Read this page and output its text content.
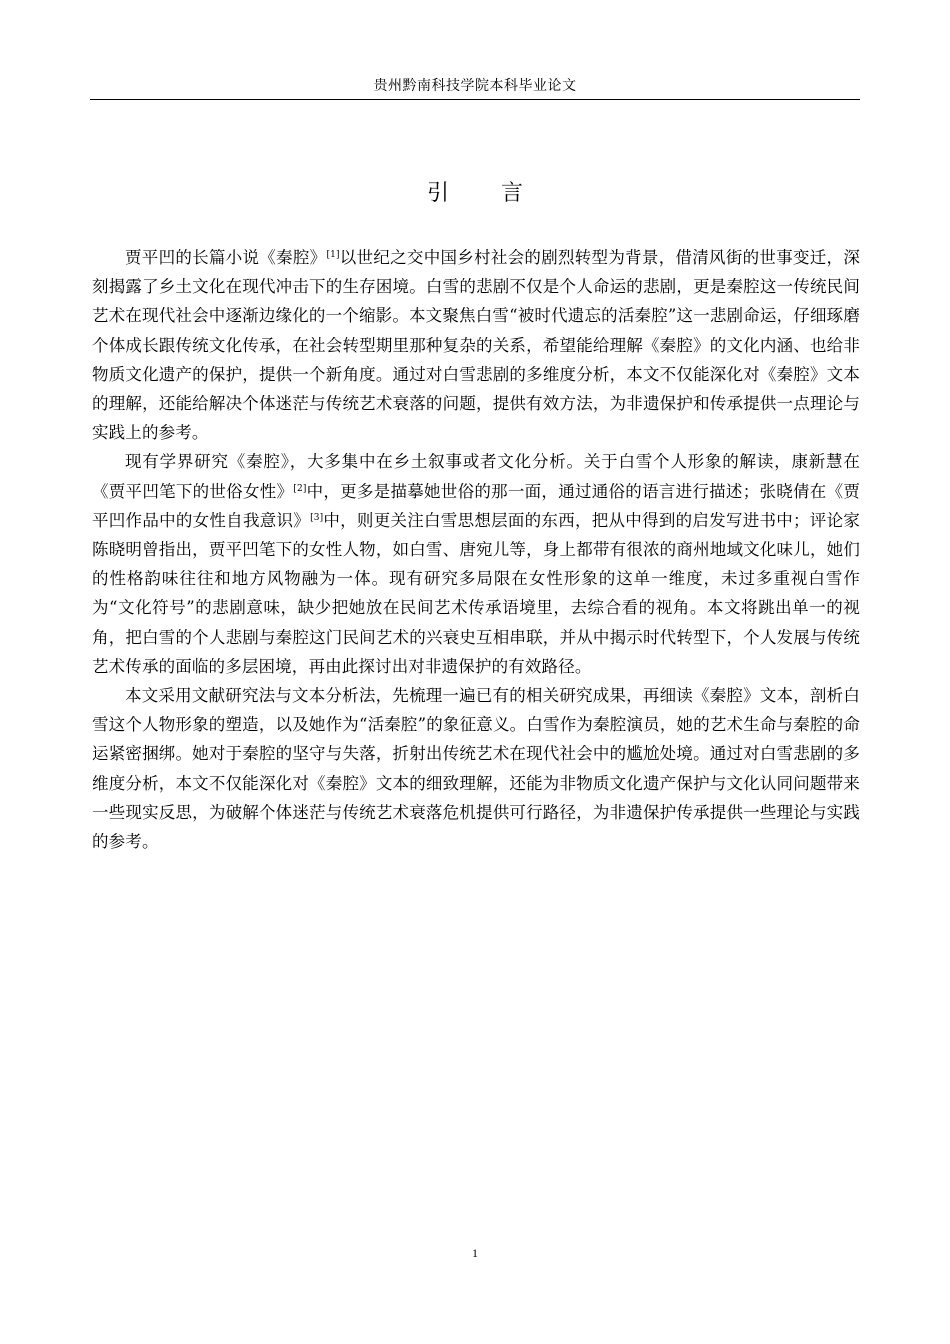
贵州黔南科技学院本科毕业论文
引 言

贾平凹的长篇小说《秦腔》[1]以世纪之交中国乡村社会的剧烈转型为背景，借清风街的世事变迁，深刻揭露了乡土文化在现代冲击下的生存困境。白雪的悲剧不仅是个人命运的悲剧，更是秦腔这一传统民间艺术在现代社会中逐渐边缘化的一个缩影。本文聚焦白雪“被时代遗忘的活秦腔”这一悲剧命运，仔细琢磨个体成长跟传统文化传承，在社会转型期里那种复杂的关系，希望能给理解《秦腔》的文化内涵、也给非物质文化遗产的保护，提供一个新角度。通过对白雪悲剧的多维度分析，本文不仅能深化对《秦腔》文本的理解，还能给解决个体迷茫与传统艺术衰落的问题，提供有效方法，为非遗保护和传承提供一点理论与实践上的参考。

现有学界研究《秦腔》，大多集中在乡土叙事或者文化分析。关于白雪个人形象的解读，康新慧在《贾平凹笔下的世俗女性》[2]中，更多是描摹她世俗的那一面，通过通俗的语言进行描述；张晓倩在《贾平凹作品中的女性自我意识》[3]中，则更关注白雪思想层面的东西，把从中得到的启发写进书中；评论家陈晓明曾指出，贾平凹笔下的女性人物，如白雪、唐宛儿等，身上都带有很浓的商州地域文化味儿，她们的性格韵味往往和地方风物融为一体。现有研究多局限在女性形象的这单一维度，未过多重视白雪作为“文化符号”的悲剧意味，缺少把她放在民间艺术传承语境里，去综合看的视角。本文将跳出单一的视角，把白雪的个人悲剧与秦腔这门民间艺术的兴衰史互相串联，并从中揭示时代转型下，个人发展与传统艺术传承的面临的多层困境，再由此探讨出对非遗保护的有效路径。

本文采用文献研究法与文本分析法，先梳理一遍已有的相关研究成果，再细读《秦腔》文本，剖析白雪这个人物形象的塑造，以及她作为“活秦腔”的象征意义。白雪作为秦腔演员，她的艺术生命与秦腔的命运紧密捆绑。她对于秦腔的坚守与失落，折射出传统艺术在现代社会中的尴尬处境。通过对白雪悲剧的多维度分析，本文不仅能深化对《秦腔》文本的细致理解，还能为非物质文化遗产保护与文化认同问题带来一些现实反思，为破解个体迷茫与传统艺术衰落危机提供可行路径，为非遗保护传承提供一些理论与实践的参考。

1
